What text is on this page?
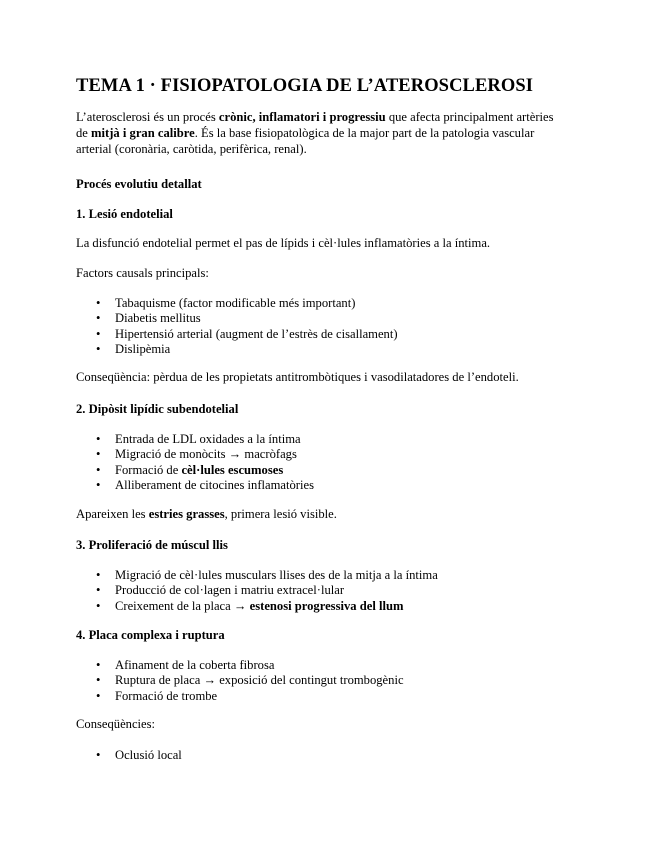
TEMA 1 · FISIOPATOLOGIA DE L’ATEROSCLEROSI

L’aterosclerosi és un procés crònic, inflamatori i progressiu que afecta principalment artèries

de mitjà i gran calibre. És la base fisiopatològica de la major part de la patologia vascular

arterial (coronària, caròtida, perifèrica, renal).

Procés evolutiu detallat
1. Lesió endotelial

La disfunció endotelial permet el pas de lípids i cèl·lules inflamatòries a la íntima.

Factors causals principals:

• Tabaquisme (factor modificable més important)
• Diabetis mellitus
• Hipertensió arterial (augment de l’estrès de cisallament)
• Dislipèmia

Conseqüència: pèrdua de les propietats antitrombòtiques i vasodilatadores de l’endoteli.

2. Dipòsit lipídic subendotelial
• Entrada de LDL oxidades a la íntima
• Migració de monòcits → macròfags
• Formació de cèl·lules escumoses
• Alliberament de citocines inflamatòries

Apareixen les estries grasses, primera lesió visible.

3. Proliferació de múscul llis
• Migració de cèl·lules musculars llises des de la mitja a la íntima
• Producció de col·lagen i matriu extracel·lular
• Creixement de la placa → estenosi progressiva del llum
4. Placa complexa i ruptura
• Afinament de la coberta fibrosa
• Ruptura de placa → exposició del contingut trombogènic
• Formació de trombe

Conseqüències:

• Oclusió local
